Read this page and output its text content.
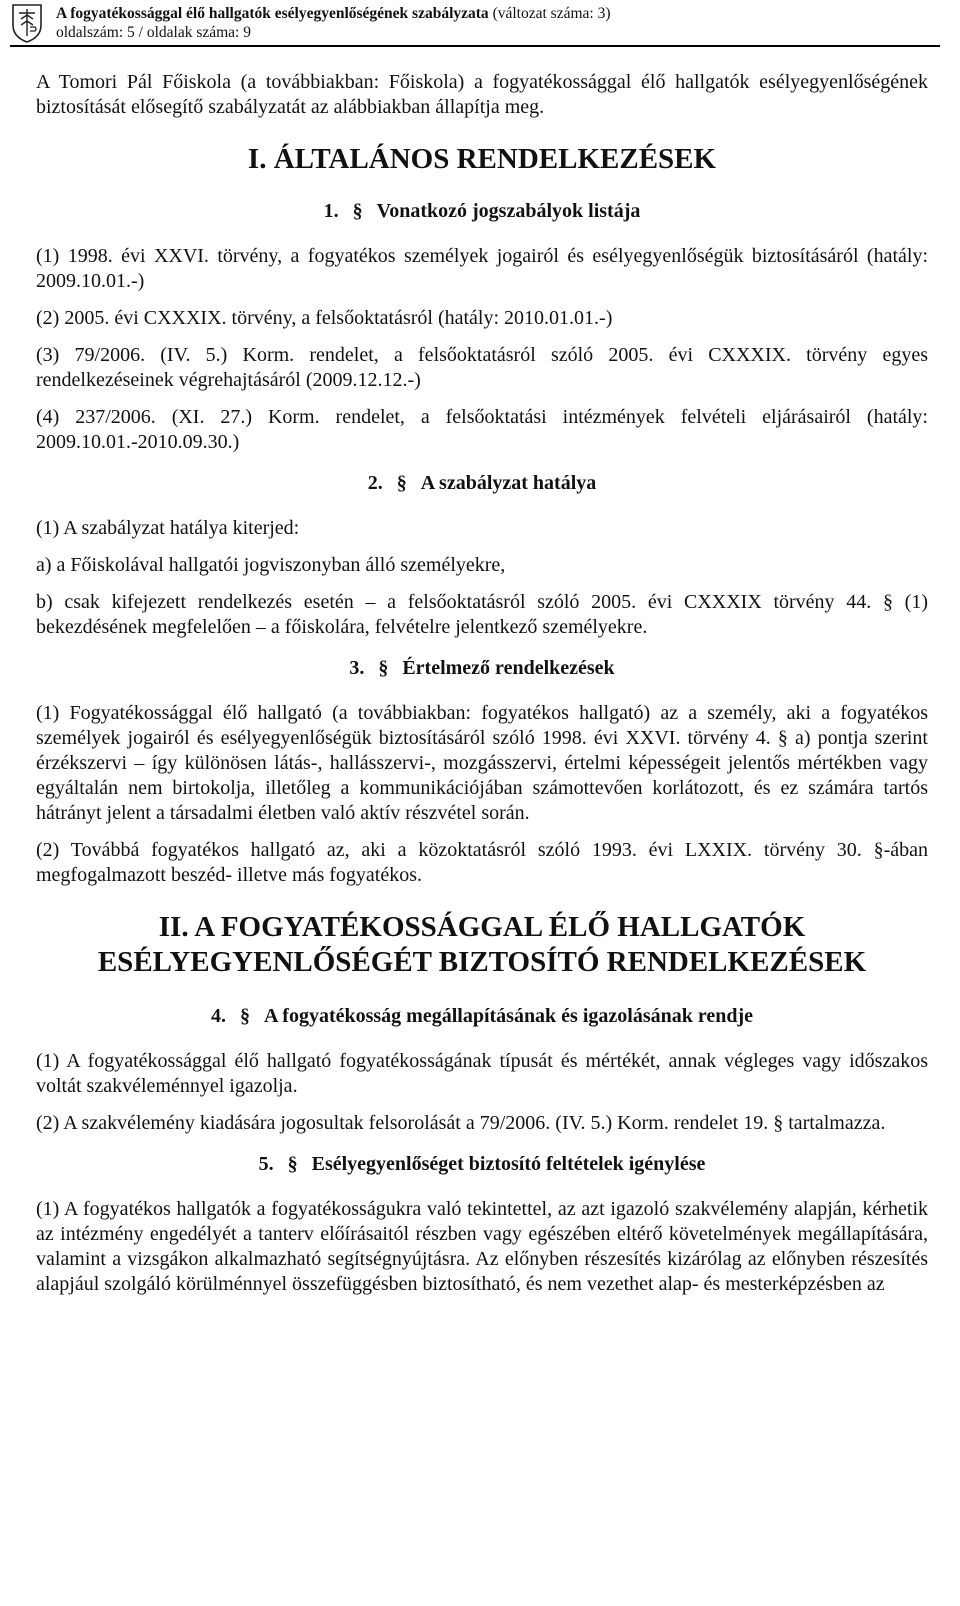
A fogyatékossággal élő hallgatók esélyegyenlőségének szabályzata (változat száma: 3)
oldalszám: 5 / oldalak száma: 9

A Tomori Pál Főiskola (a továbbiakban: Főiskola) a fogyatékossággal élő hallgatók esélyegyenlőségének biztosítását elősegítő szabályzatát az alábbiakban állapítja meg.

I. ÁLTALÁNOS RENDELKEZÉSEK
1. § Vonatkozó jogszabályok listája

(1) 1998. évi XXVI. törvény, a fogyatékos személyek jogairól és esélyegyenlőségük biztosításáról (hatály: 2009.10.01.-)

(2) 2005. évi CXXXIX. törvény, a felsőoktatásról (hatály: 2010.01.01.-)

(3) 79/2006. (IV. 5.) Korm. rendelet, a felsőoktatásról szóló 2005. évi CXXXIX. törvény egyes rendelkezéseinek végrehajtásáról (2009.12.12.-)

(4) 237/2006. (XI. 27.) Korm. rendelet, a felsőoktatási intézmények felvételi eljárásairól (hatály: 2009.10.01.-2010.09.30.)

2. § A szabályzat hatálya

(1) A szabályzat hatálya kiterjed:

a) a Főiskolával hallgatói jogviszonyban álló személyekre,

b) csak kifejezett rendelkezés esetén – a felsőoktatásról szóló 2005. évi CXXXIX törvény 44. § (1) bekezdésének megfelelően – a főiskolára, felvételre jelentkező személyekre.

3. § Értelmező rendelkezések

(1) Fogyatékossággal élő hallgató (a továbbiakban: fogyatékos hallgató) az a személy, aki a fogyatékos személyek jogairól és esélyegyenlőségük biztosításáról szóló 1998. évi XXVI. törvény 4. § a) pontja szerint érzékszervi – így különösen látás-, hallásszervi-, mozgásszervi, értelmi képességeit jelentős mértékben vagy egyáltalán nem birtokolja, illetőleg a kommunikációjában számottevően korlátozott, és ez számára tartós hátrányt jelent a társadalmi életben való aktív részvétel során.

(2) Továbbá fogyatékos hallgató az, aki a közoktatásról szóló 1993. évi LXXIX. törvény 30. §-ában megfogalmazott beszéd- illetve más fogyatékos.

II. A FOGYATÉKOSSÁGGAL ÉLŐ HALLGATÓK ESÉLYEGYENLŐSÉGÉT BIZTOSÍTÓ RENDELKEZÉSEK
4. § A fogyatékosság megállapításának és igazolásának rendje

(1) A fogyatékossággal élő hallgató fogyatékosságának típusát és mértékét, annak végleges vagy időszakos voltát szakvéleménnyel igazolja.

(2) A szakvélemény kiadására jogosultak felsorolását a 79/2006. (IV. 5.) Korm. rendelet 19. § tartalmazza.

5. § Esélyegyenlőséget biztosító feltételek igénylése

(1) A fogyatékos hallgatók a fogyatékosságukra való tekintettel, az azt igazoló szakvélemény alapján, kérhetik az intézmény engedélyét a tanterv előírásaitól részben vagy egészében eltérő követelmények megállapítására, valamint a vizsgákon alkalmazható segítségnyújtásra. Az előnyben részesítés kizárólag az előnyben részesítés alapjául szolgáló körülménnyel összefüggésben biztosítható, és nem vezethet alap- és mesterképzésben az
